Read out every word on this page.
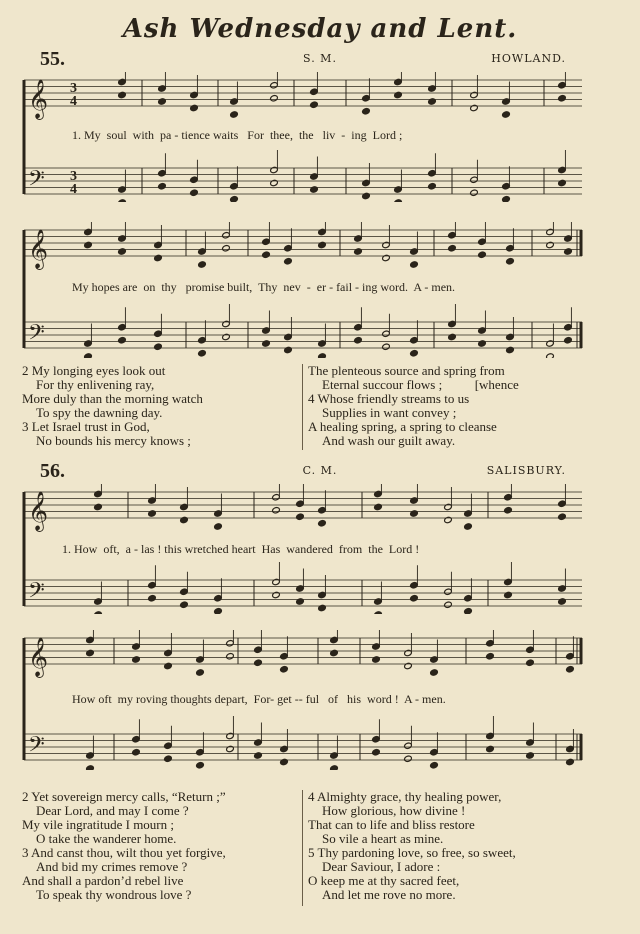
Ash Wednesday and Lent.
55.	S. M.	HOWLAND.
𝄞
𝄢
3
4
3
4
1. My  soul  with  pa - tience waits   For  thee,  the   liv  -  ing  Lord ;
𝄞
𝄢
My hopes are  on  thy   promise built,  Thy  nev  -  er - fail - ing word.  A - men.
2 My longing eyes look out
For thy enlivening ray,
More duly than the morning watch
To spy the dawning day.
3 Let Israel trust in God,
No bounds his mercy knows ;
The plenteous source and spring from
Eternal succour flows ;          [whence
4 Whose friendly streams to us
Supplies in want convey ;
A healing spring, a spring to cleanse
And wash our guilt away.
56.	C. M.	SALISBURY.
𝄞
𝄢
1. How  oft,  a - las ! this wretched heart  Has  wandered  from  the  Lord !
𝄞
𝄢
How oft  my roving thoughts depart,  For- get -- ful   of   his  word !  A - men.
2 Yet sovereign mercy calls, “Return ;”
Dear Lord, and may I come ?
My vile ingratitude I mourn ;
O take the wanderer home.
3 And canst thou, wilt thou yet forgive,
And bid my crimes remove ?
And shall a pardon’d rebel live
To speak thy wondrous love ?
4 Almighty grace, thy healing power,
How glorious, how divine !
That can to life and bliss restore
So vile a heart as mine.
5 Thy pardoning love, so free, so sweet,
Dear Saviour, I adore :
O keep me at thy sacred feet,
And let me rove no more.
